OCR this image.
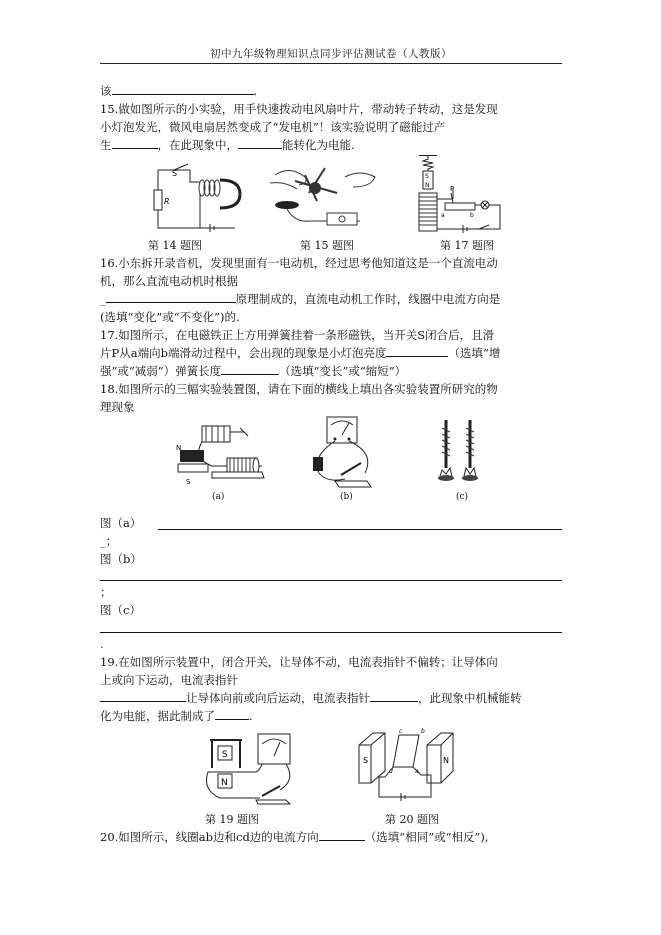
初中九年级物理知识点同步评估测试卷（人教版）
该	.
15.做如图所示的小实验，用手快速拨动电风扇叶片，带动转子转动，这是发现
小灯泡发光，微风电扇居然变成了“发电机”！该实验说明了磁能过产
生	，在此现象中，	能转化为电能.
S
R
S
N	P
a	b
第 14 题图	第 15 题图	第 17 题图
16.小东拆开录音机，发现里面有一电动机，经过思考他知道这是一个直流电动
机，那么直流电动机时根据
_	原理制成的，直流电动机工作时，线圈中电流方向是
(选填“变化”或“不变化”)的.
17.如图所示，在电磁铁正上方用弹簧挂着一条形磁铁，当开关S闭合后，且滑
片P从a端向b端滑动过程中，会出现的现象是小灯泡亮度	（选填“增
强”或“减弱”）弹簧长度	（选填“变长”或“缩短”）
18.如图所示的三幅实验装置图，请在下面的横线上填出各实验装置所研究的物
理现象
N
S
(a)	(b)	(c)
图（a）
_；
图（b）
；
图（c）
.
19.在如图所示装置中，闭合开关，让导体不动，电流表指针不偏转；让导体向
上或向下运动，电流表指针
让导体向前或向后运动，电流表指针	，此现象中机械能转
化为电能，据此制成了	.
S
N
S	N
c	b
d	a
第 19 题图	第 20 题图
20.如图所示，线圈ab边和cd边的电流方向	（选填“相同”或“相反”),
